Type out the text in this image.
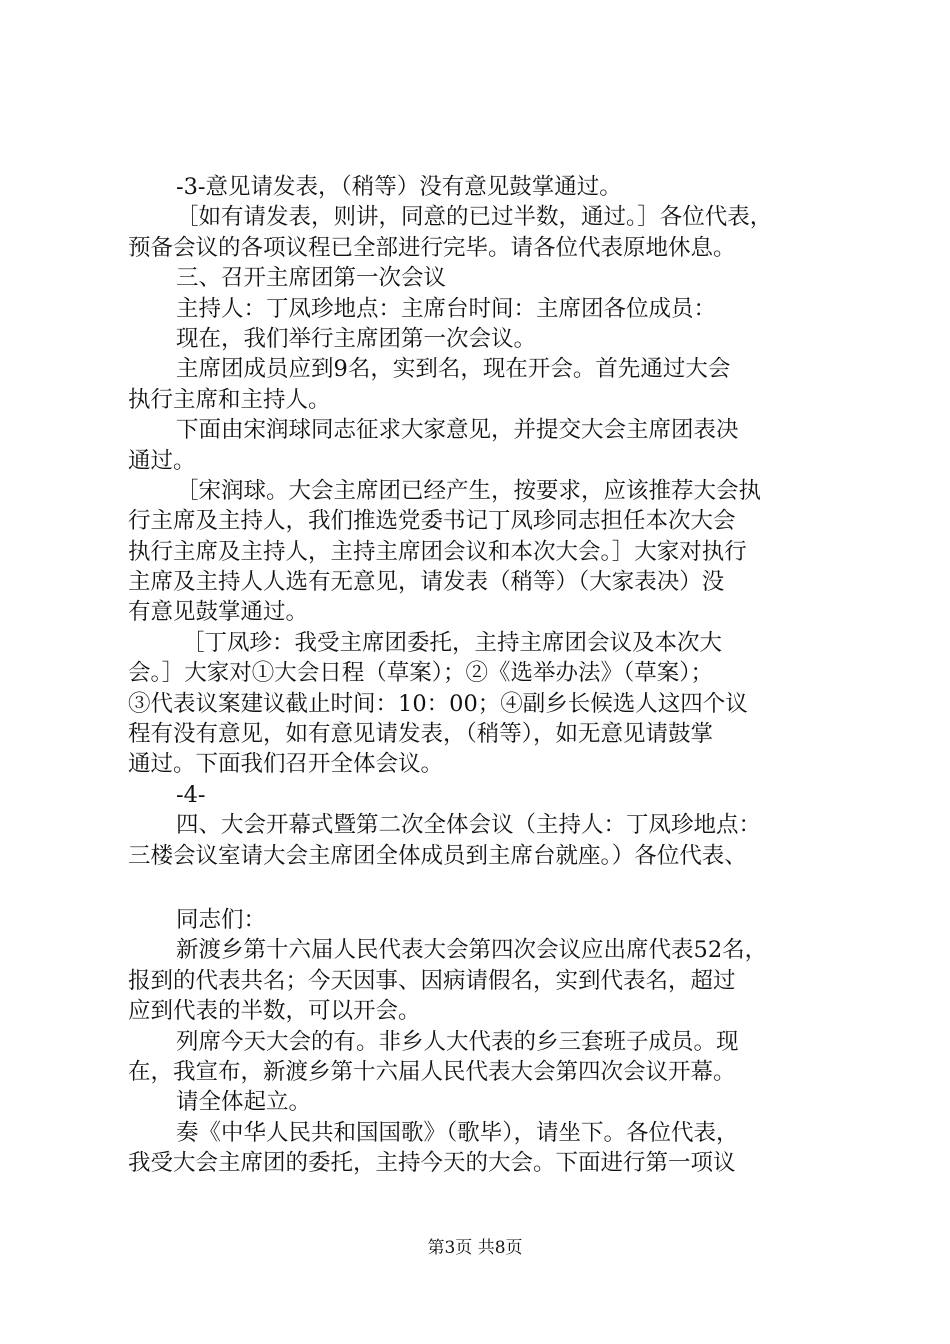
-3-意见请发表，（稍等）没有意见鼓掌通过。
［如有请发表，则讲，同意的已过半数，通过。］各位代表，
预备会议的各项议程已全部进行完毕。请各位代表原地休息。
三、召开主席团第一次会议
主持人：丁凤珍地点：主席台时间：主席团各位成员：
现在，我们举行主席团第一次会议。
主席团成员应到9名，实到名，现在开会。首先通过大会
执行主席和主持人。
下面由宋润球同志征求大家意见，并提交大会主席团表决
通过。
［宋润球。大会主席团已经产生，按要求，应该推荐大会执
行主席及主持人，我们推选党委书记丁凤珍同志担任本次大会
执行主席及主持人，主持主席团会议和本次大会。］大家对执行
主席及主持人人选有无意见，请发表（稍等）（大家表决）没
有意见鼓掌通过。
［丁凤珍：我受主席团委托，主持主席团会议及本次大
会。］大家对①大会日程（草案）；②《选举办法》（草案）；
③代表议案建议截止时间：10：00；④副乡长候选人这四个议
程有没有意见，如有意见请发表，（稍等），如无意见请鼓掌
通过。下面我们召开全体会议。
-4-
四、大会开幕式暨第二次全体会议（主持人：丁凤珍地点：
三楼会议室请大会主席团全体成员到主席台就座。）各位代表、
同志们：
新渡乡第十六届人民代表大会第四次会议应出席代表52名，
报到的代表共名；今天因事、因病请假名，实到代表名，超过
应到代表的半数，可以开会。
列席今天大会的有。非乡人大代表的乡三套班子成员。现
在，我宣布，新渡乡第十六届人民代表大会第四次会议开幕。
请全体起立。
奏《中华人民共和国国歌》（歌毕），请坐下。各位代表，
我受大会主席团的委托，主持今天的大会。下面进行第一项议
第3页 共8页
